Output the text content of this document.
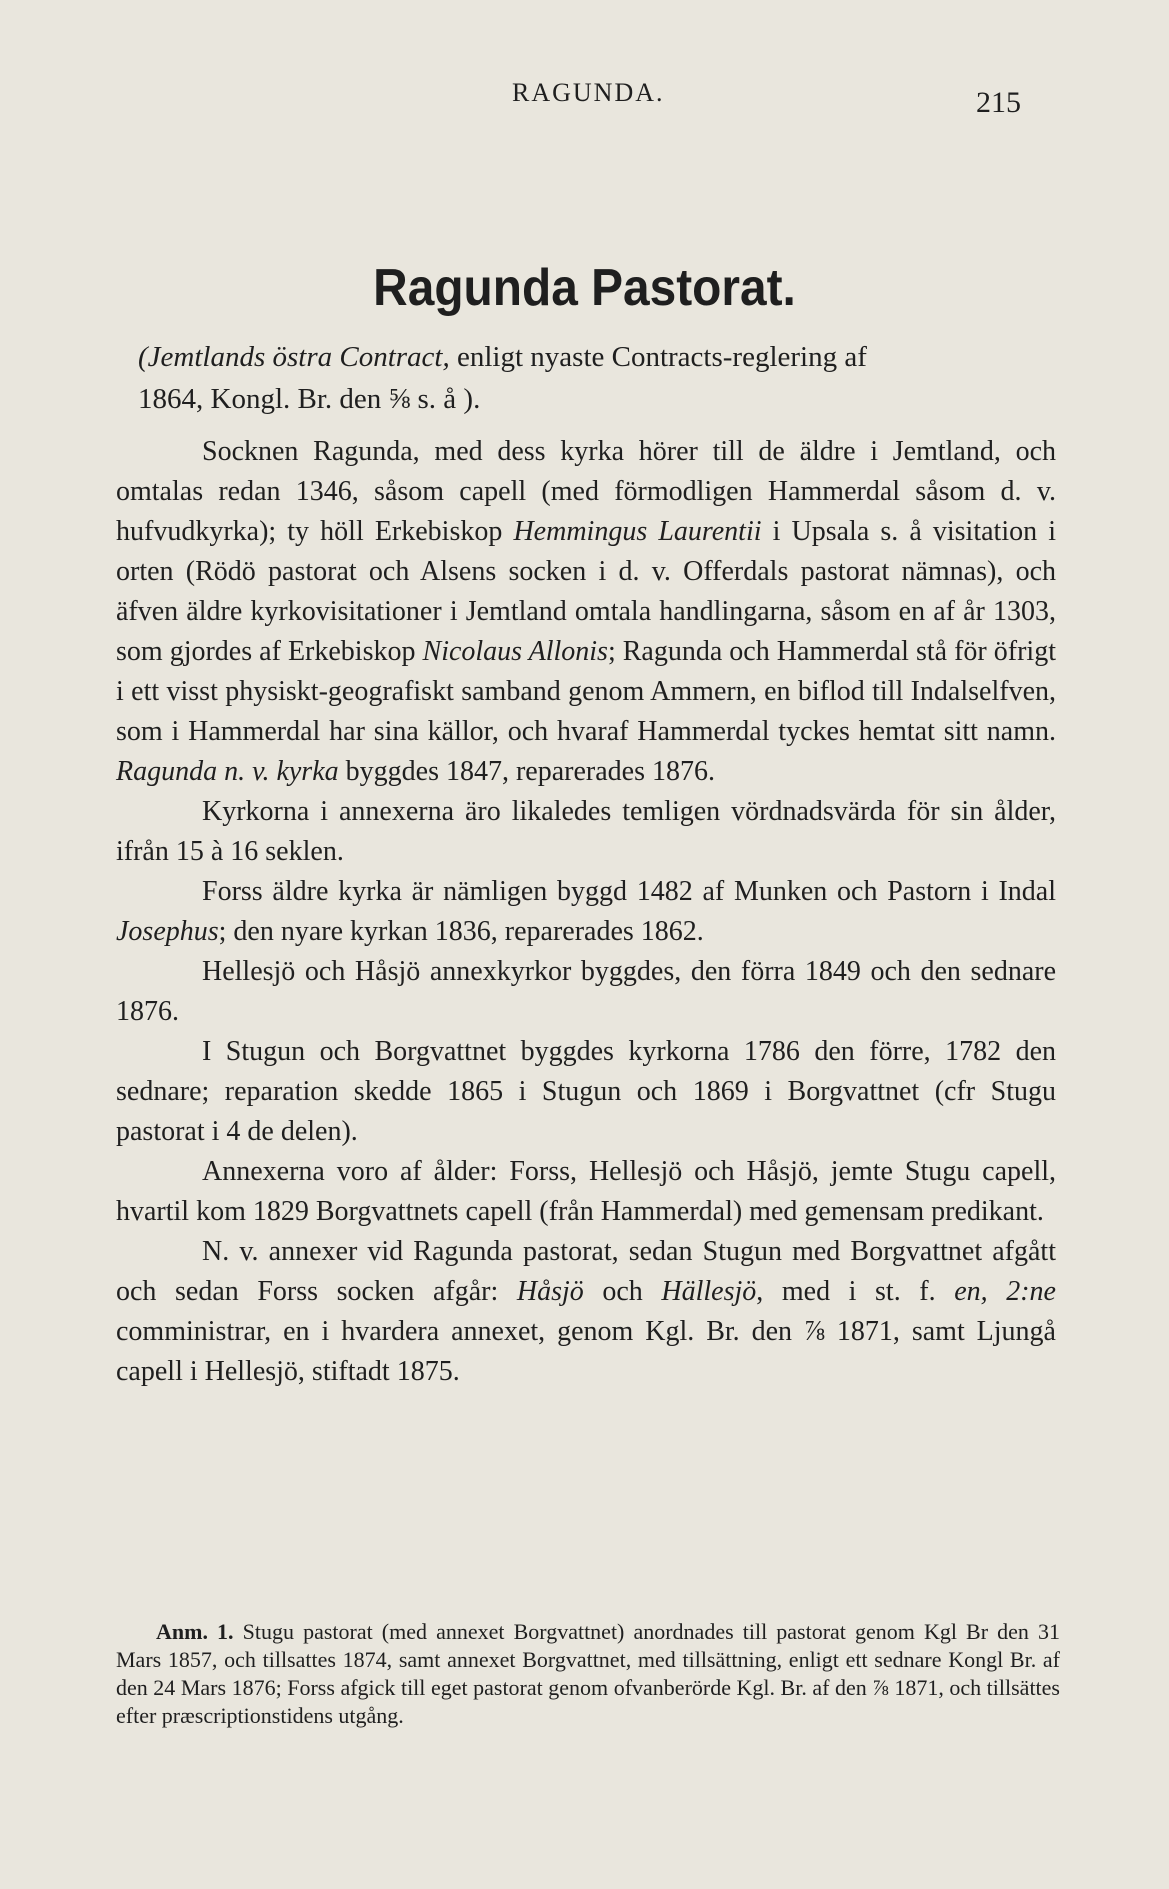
RAGUNDA.	215
Ragunda Pastorat.
(Jemtlands östra Contract, enligt nyaste Contracts-reglering af
1864, Kongl. Br. den ⅝ s. å ).

Socknen Ragunda, med dess kyrka hörer till de äldre i Jemtland, och omtalas redan 1346, såsom capell (med förmodligen Hammerdal såsom d. v. hufvudkyrka); ty höll Erkebiskop Hemmingus Laurentii i Upsala s. å visitation i orten (Rödö pastorat och Alsens socken i d. v. Offerdals pastorat nämnas), och äfven äldre kyrkovisitationer i Jemtland omtala handlingarna, såsom en af år 1303, som gjordes af Erkebiskop Nicolaus Allonis; Ragunda och Hammerdal stå för öfrigt i ett visst physiskt-geografiskt samband genom Ammern, en biflod till Indalselfven, som i Hammerdal har sina källor, och hvaraf Hammerdal tyckes hemtat sitt namn. Ragunda n. v. kyrka byggdes 1847, reparerades 1876.

Kyrkorna i annexerna äro likaledes temligen vördnadsvärda för sin ålder, ifrån 15 à 16 seklen.

Forss äldre kyrka är nämligen byggd 1482 af Munken och Pastorn i Indal Josephus; den nyare kyrkan 1836, reparerades 1862.

Hellesjö och Håsjö annexkyrkor byggdes, den förra 1849 och den sednare 1876.

I Stugun och Borgvattnet byggdes kyrkorna 1786 den förre, 1782 den sednare; reparation skedde 1865 i Stugun och 1869 i Borgvattnet (cfr Stugu pastorat i 4 de delen).

Annexerna voro af ålder: Forss, Hellesjö och Håsjö, jemte Stugu capell, hvartil kom 1829 Borgvattnets capell (från Hammerdal) med gemensam predikant.

N. v. annexer vid Ragunda pastorat, sedan Stugun med Borgvattnet afgått och sedan Forss socken afgår: Håsjö och Hällesjö, med i st. f. en, 2:ne comministrar, en i hvardera annexet, genom Kgl. Br. den ⅞ 1871, samt Ljungå capell i Hellesjö, stiftadt 1875.

Anm. 1. Stugu pastorat (med annexet Borgvattnet) anordnades till pastorat genom Kgl Br den 31 Mars 1857, och tillsattes 1874, samt annexet Borgvattnet, med tillsättning, enligt ett sednare Kongl Br. af den 24 Mars 1876; Forss afgick till eget pastorat genom ofvanberörde Kgl. Br. af den ⅞ 1871, och tillsättes efter præscriptionstidens utgång.
